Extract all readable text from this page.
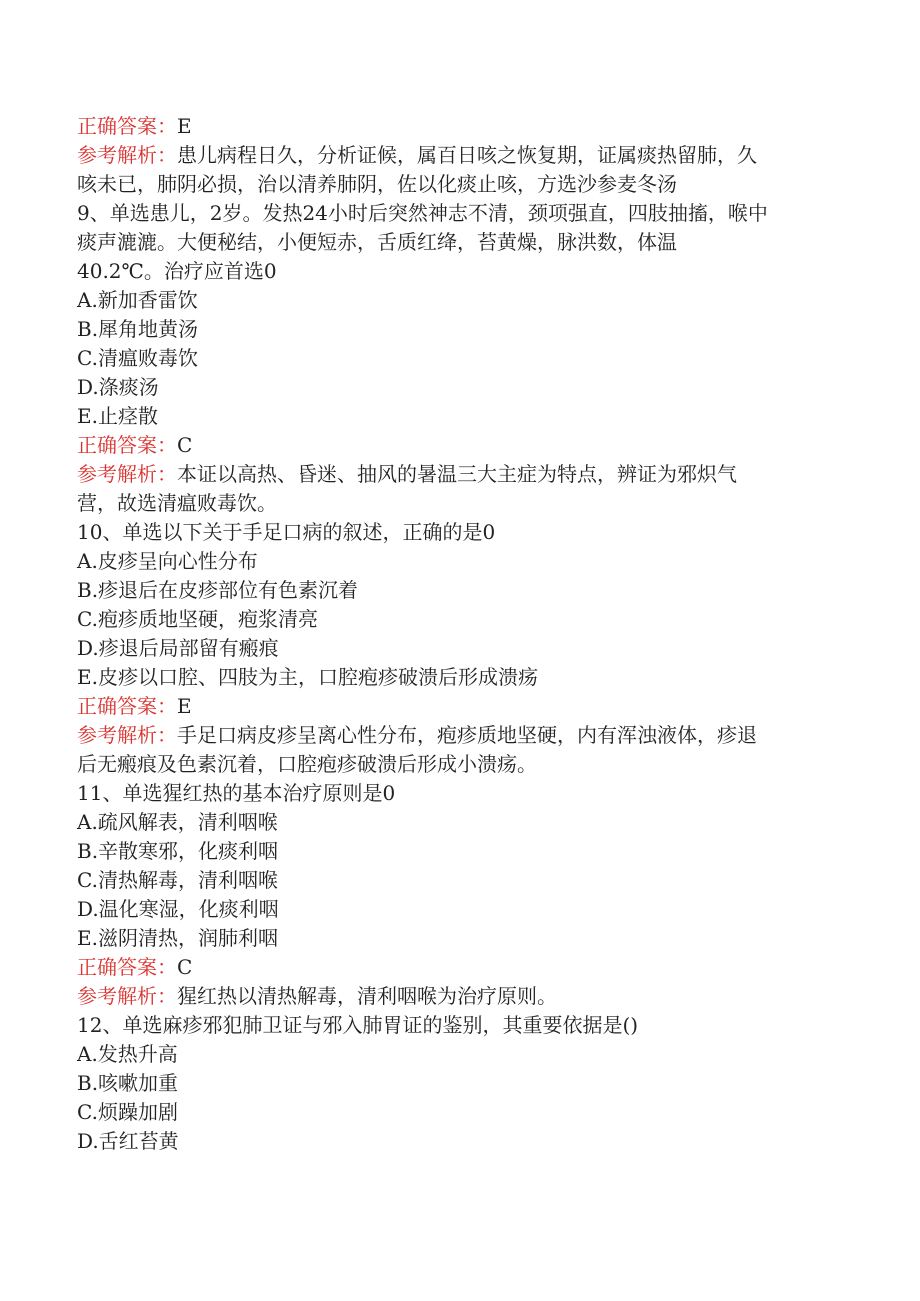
正确答案：E
参考解析：患儿病程日久，分析证候，属百日咳之恢复期，证属痰热留肺，久
咳未已，肺阴必损，治以清养肺阴，佐以化痰止咳，方选沙参麦冬汤
9、单选患儿，2岁。发热24小时后突然神志不清，颈项强直，四肢抽搐，喉中
痰声漉漉。大便秘结，小便短赤，舌质红绛，苔黄燥，脉洪数，体温
40.2℃。治疗应首选0
A.新加香雷饮
B.犀角地黄汤
C.清瘟败毒饮
D.涤痰汤
E.止痉散
正确答案：C
参考解析：本证以高热、昏迷、抽风的暑温三大主症为特点，辨证为邪炽气
营，故选清瘟败毒饮。
10、单选以下关于手足口病的叙述，正确的是0
A.皮疹呈向心性分布
B.疹退后在皮疹部位有色素沉着
C.疱疹质地坚硬，疱浆清亮
D.疹退后局部留有瘢痕
E.皮疹以口腔、四肢为主，口腔疱疹破溃后形成溃疡
正确答案：E
参考解析：手足口病皮疹呈离心性分布，疱疹质地坚硬，内有浑浊液体，疹退
后无瘢痕及色素沉着，口腔疱疹破溃后形成小溃疡。
11、单选猩红热的基本治疗原则是0
A.疏风解表，清利咽喉
B.辛散寒邪，化痰利咽
C.清热解毒，清利咽喉
D.温化寒湿，化痰利咽
E.滋阴清热，润肺利咽
正确答案：C
参考解析：猩红热以清热解毒，清利咽喉为治疗原则。
12、单选麻疹邪犯肺卫证与邪入肺胃证的鉴别，其重要依据是()
A.发热升高
B.咳嗽加重
C.烦躁加剧
D.舌红苔黄
